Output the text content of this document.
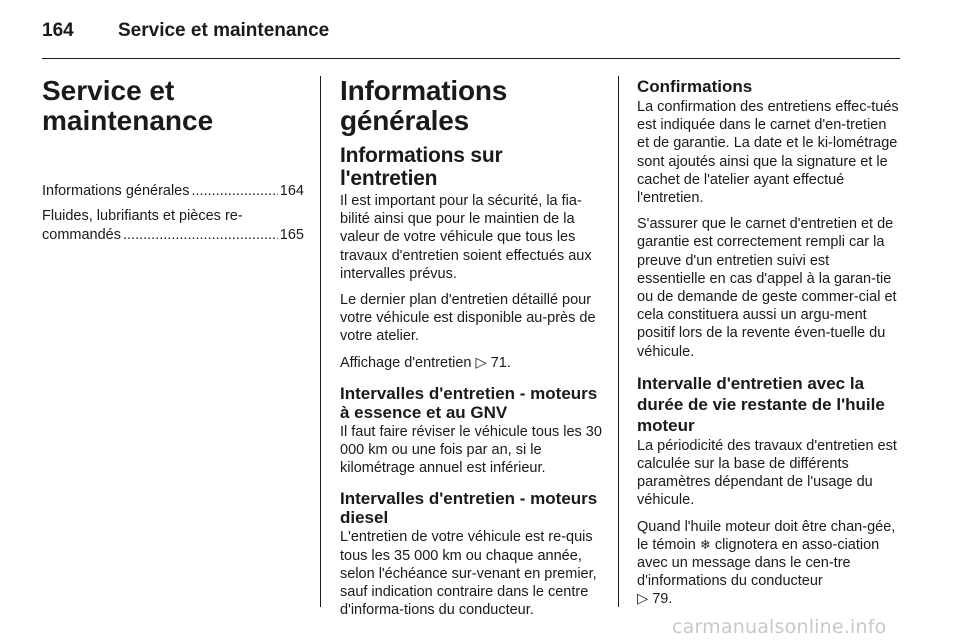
164 Service et maintenance
Service et
maintenance
Informations générales .....	164
Fluides, lubrifiants et pièces re-
commandés .....	165
Informations générales
Informations sur l'entretien

Il est important pour la sécurité, la fia-bilité ainsi que pour le maintien de la valeur de votre véhicule que tous les travaux d'entretien soient effectués aux intervalles prévus.

Le dernier plan d'entretien détaillé pour votre véhicule est disponible au-près de votre atelier.

Affichage d'entretien ▷ 71.

Intervalles d'entretien - moteurs à essence et au GNV

Il faut faire réviser le véhicule tous les 30 000 km ou une fois par an, si le kilométrage annuel est inférieur.

Intervalles d'entretien - moteurs diesel

L'entretien de votre véhicule est re-quis tous les 35 000 km ou chaque année, selon l'échéance sur-venant en premier, sauf indication contraire dans le centre d'informa-tions du conducteur.

Confirmations

La confirmation des entretiens effec-tués est indiquée dans le carnet d'en-tretien et de garantie. La date et le ki-lométrage sont ajoutés ainsi que la signature et le cachet de l'atelier ayant effectué l'entretien.

S'assurer que le carnet d'entretien et de garantie est correctement rempli car la preuve d'un entretien suivi est essentielle en cas d'appel à la garan-tie ou de demande de geste commer-cial et cela constituera aussi un argu-ment positif lors de la revente éven-tuelle du véhicule.

Intervalle d'entretien avec la durée de vie restante de l'huile moteur

La périodicité des travaux d'entretien est calculée sur la base de différents paramètres dépendant de l'usage du véhicule.

Quand l'huile moteur doit être chan-gée, le témoin ❄ clignotera en asso-ciation avec un message dans le cen-tre d'informations du conducteur
▷ 79.

carmanualsonline.info
